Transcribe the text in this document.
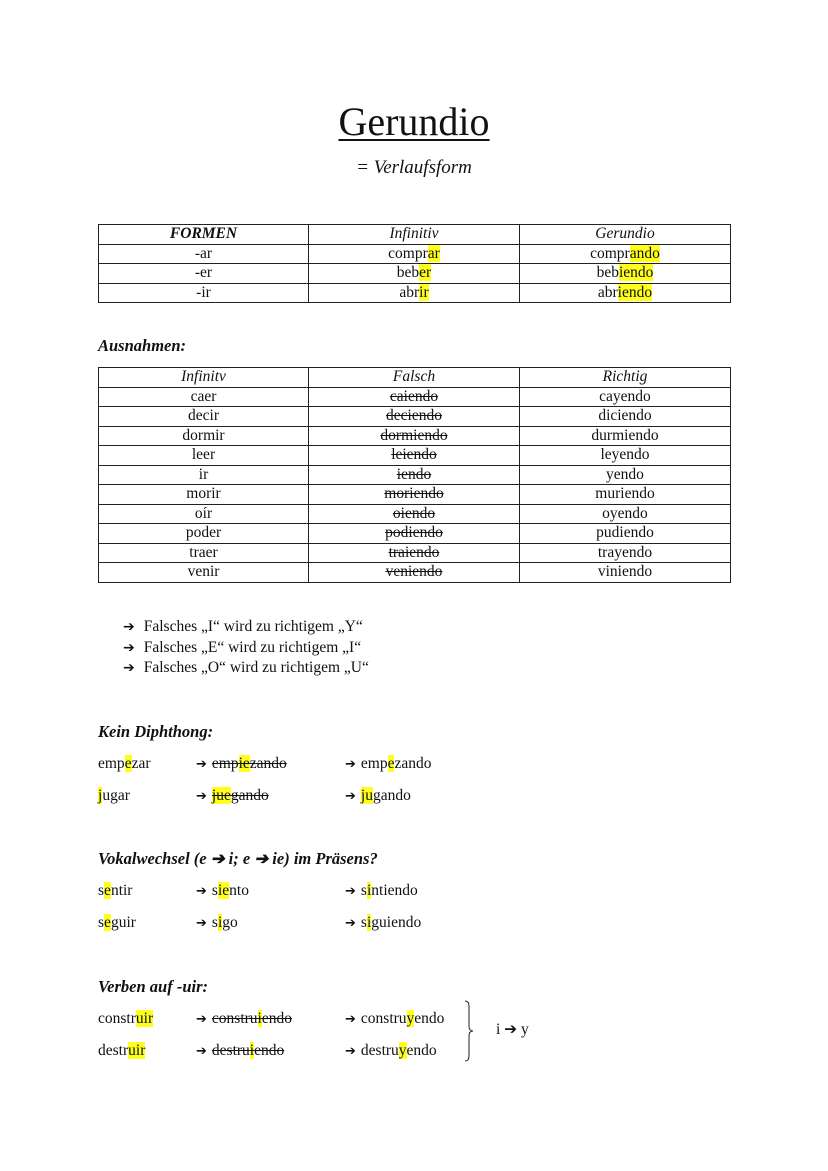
Gerundio
= Verlaufsform
FORMEN	Infinitiv	Gerundio
-ar	comprar	comprando
-er	beber	bebiendo
-ir	abrir	abriendo
Ausnahmen:
Infinitv	Falsch	Richtig
caer	caiendo	cayendo
decir	deciendo	diciendo
dormir	dormiendo	durmiendo
leer	leiendo	leyendo
ir	iendo	yendo
morir	moriendo	muriendo
oír	oiendo	oyendo
poder	podiendo	pudiendo
traer	traiendo	trayendo
venir	veniendo	viniendo
➔ Falsches „I“ wird zu richtigem „Y“
➔ Falsches „E“ wird zu richtigem „I“
➔ Falsches „O“ wird zu richtigem „U“
Kein Diphthong:
empezar	➔ empiezando	➔ empezando
jugar	➔ juegando	➔ jugando
Vokalwechsel (e ➔ i; e ➔ ie) im Präsens?
sentir	➔ siento	➔ sintiendo
seguir	➔ sigo	➔ siguiendo
Verben auf -uir:
construir	➔ construiendo	➔ construyendo
destruir	➔ destruiendo	➔ destruyendo
i ➔ y
